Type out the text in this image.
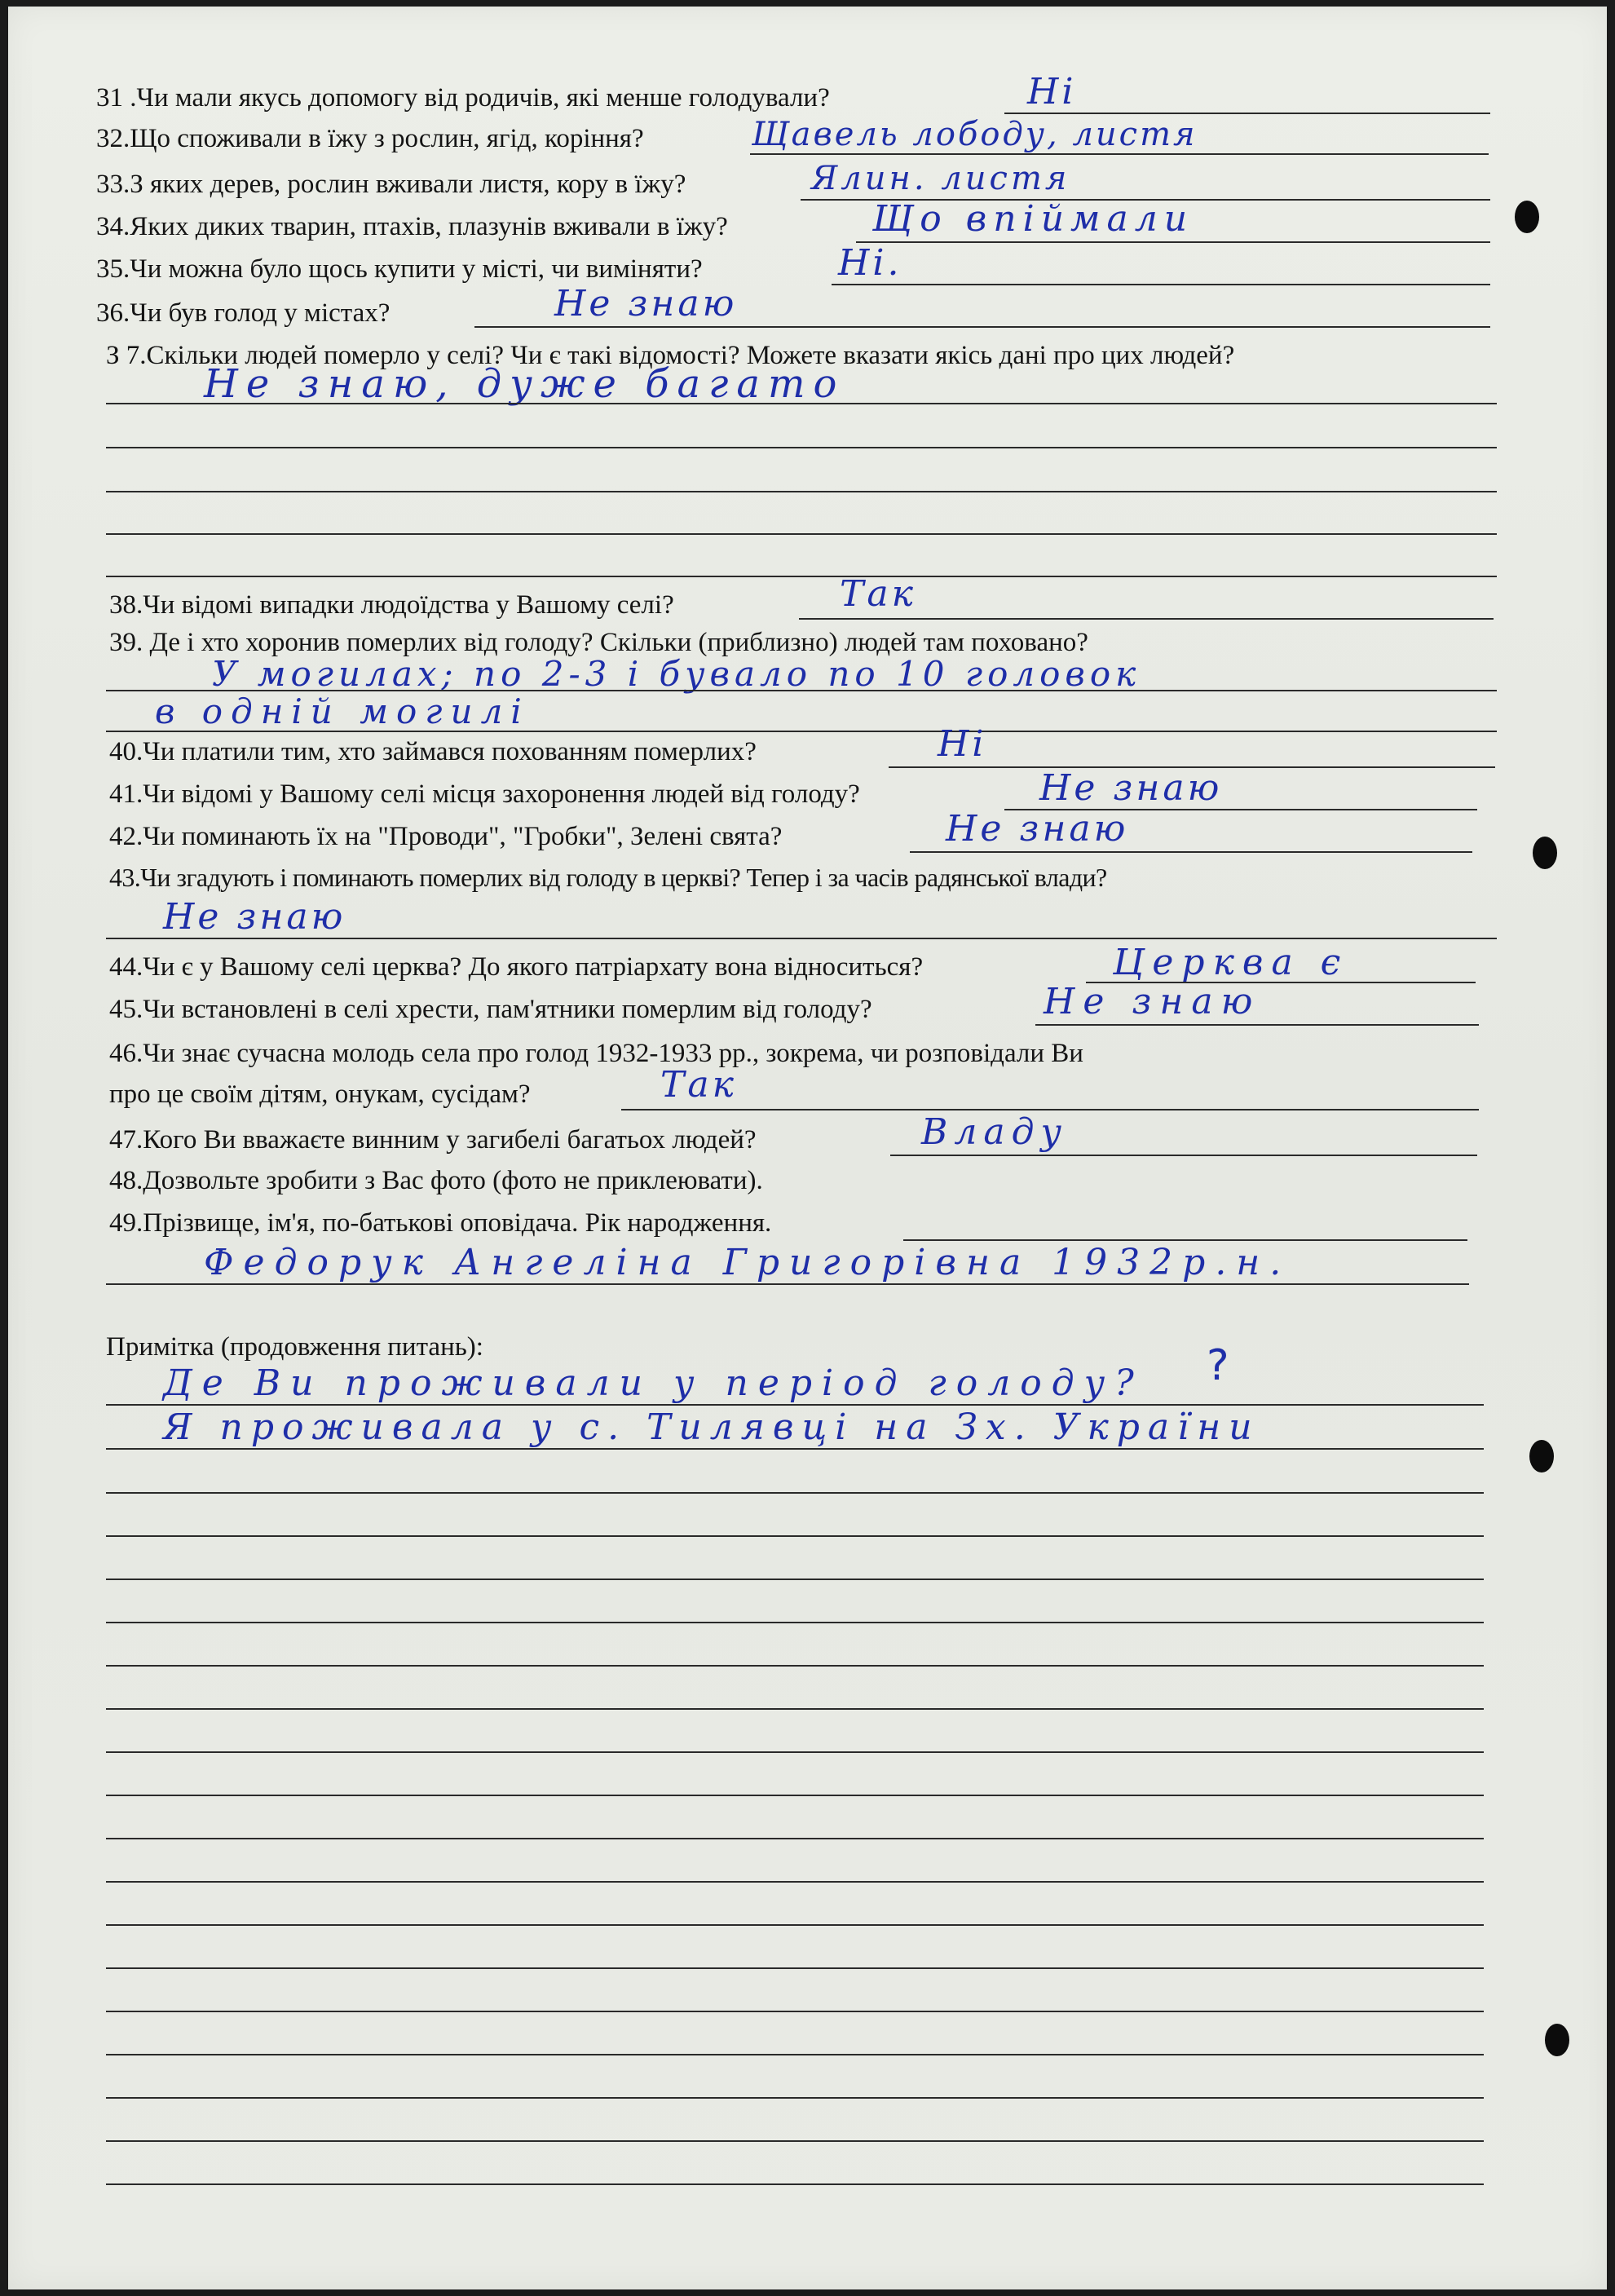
31 .Чи мали якусь допомогу від родичів, які менше голодували?	Ні
32.Що споживали в їжу з рослин, ягід, коріння?	Щавель лободу, листя
33.З яких дерев, рослин вживали листя, кору в їжу?	Ялин. листя
34.Яких диких тварин, птахів, плазунів вживали в їжу?	Що впіймали
35.Чи можна було щось купити у місті, чи виміняти?	Ні.
36.Чи був голод у містах?	Не знаю
З 7.Скільки людей померло у селі? Чи є такі відомості? Можете вказати якісь дані про цих людей?
Не знаю, дуже багато
38.Чи відомі випадки людоїдства у Вашому селі?	Так
39. Де і хто хоронив померлих від голоду? Скільки (приблизно) людей там поховано?
У могилах; по 2-3 і бувало по 10 головок
в одній могилі
40.Чи платили тим, хто займався похованням померлих?	Ні
41.Чи відомі у Вашому селі місця захоронення людей від голоду?	Не знаю
42.Чи поминають їх на "Проводи", "Гробки", Зелені свята?	Не знаю
43.Чи згадують і поминають померлих від голоду в церкві? Тепер і за часів радянської влади?
Не знаю
44.Чи є у Вашому селі церква? До якого патріархату вона відноситься?	Церква є
45.Чи встановлені в селі хрести, пам'ятники померлим від голоду?	Не знаю
46.Чи знає сучасна молодь села про голод 1932-1933 рр., зокрема, чи розповідали Ви
про це своїм дітям, онукам, сусідам?	Так
47.Кого Ви вважаєте винним у загибелі багатьох людей?	Владу
48.Дозвольте зробити з Вас фото (фото не приклеювати).
49.Прізвище, ім'я, по-батькові оповідача. Рік народження.
Федорук Ангеліна Григорівна 1932р.н.
Примітка (продовження питань):
Де Ви проживали у період голоду? ?
Я проживала у с. Тилявці на Зх. України
